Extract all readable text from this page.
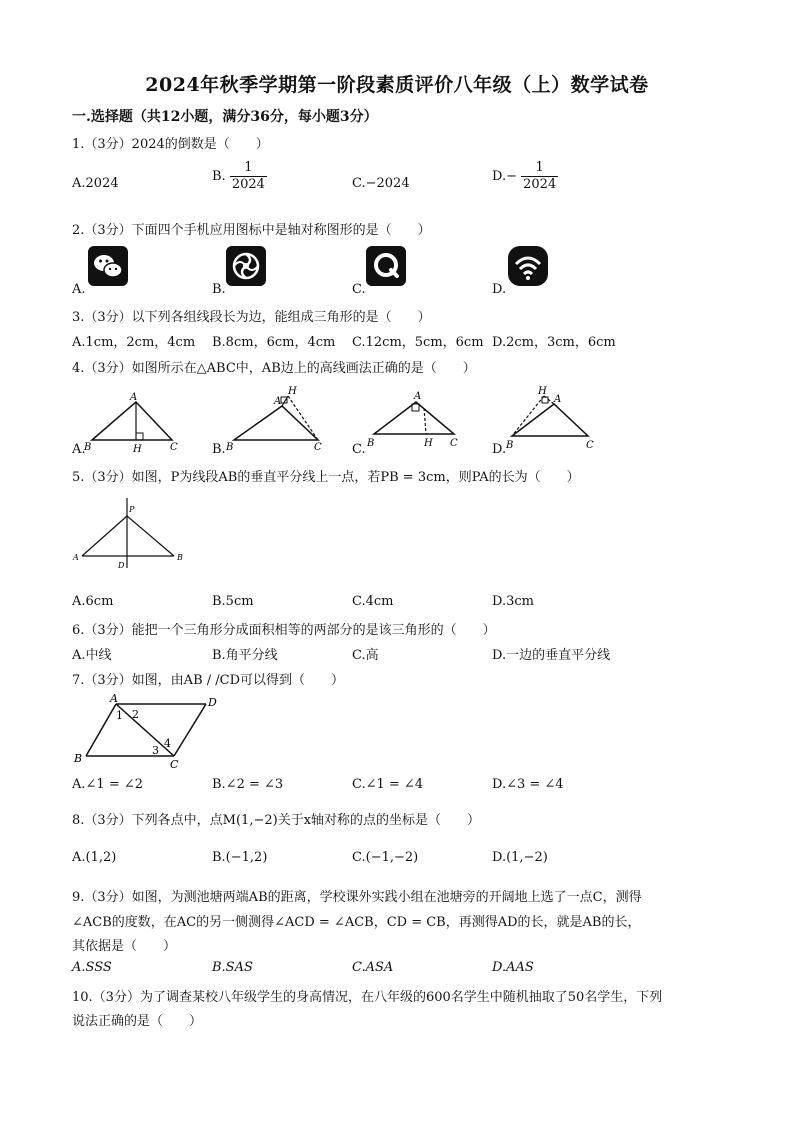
2024年秋季学期第一阶段素质评价八年级（上）数学试卷
一.选择题（共12小题，满分36分，每小题3分）
1.（3分）2024的倒数是（　　）
A.2024	B. $\frac{1}{2024}$	C.−2024	$D.- \frac{1}{2024}$
2.（3分）下面四个手机应用图标中是轴对称图形的是（　　）
A.	B.	C.	D.
3.（3分）以下列各组线段长为边，能组成三角形的是（　　）
A.1cm，2cm，4cm B.8cm，6cm，4cm C.12cm，5cm，6cm D.2cm，3cm，6cm
4.（3分）如图所示在△ABC中，AB边上的高线画法正确的是（　　）
A.
A
B	H	C	B.
A
H
B	C C.
A
B	H C	D.
H
A
B	C
5.（3分）如图，P为线段AB的垂直平分线上一点，若PB = 3cm，则PA的长为（　　）
P
A	B
D
A.6cm	B.5cm	C.4cm	D.3cm
6.（3分）能把一个三角形分成面积相等的两部分的是该三角形的（　　）
A.中线	B.角平分线	C.高	D.一边的垂直平分线
7.（3分）如图，由AB / /CD可以得到（　　）
A	D
B	C
1 2
3
4
A.∠1 = ∠2	B.∠2 = ∠3	C.∠1 = ∠4	D.∠3 = ∠4
8.（3分）下列各点中，点M(1,−2)关于x轴对称的点的坐标是（　　）
A.(1,2)	B.(−1,2)	C.(−1,−2)	D.(1,−2)
9.（3分）如图，为测池塘两端AB的距离，学校课外实践小组在池塘旁的开阔地上选了一点C，测得
∠ACB的度数，在AC的另一侧测得∠ACD = ∠ACB，CD = CB，再测得AD的长，就是AB的长，
其依据是（　　）
A.SSS	B.SAS	C.ASA	D.AAS
10.（3分）为了调查某校八年级学生的身高情况，在八年级的600名学生中随机抽取了50名学生，下列
说法正确的是（　　）
